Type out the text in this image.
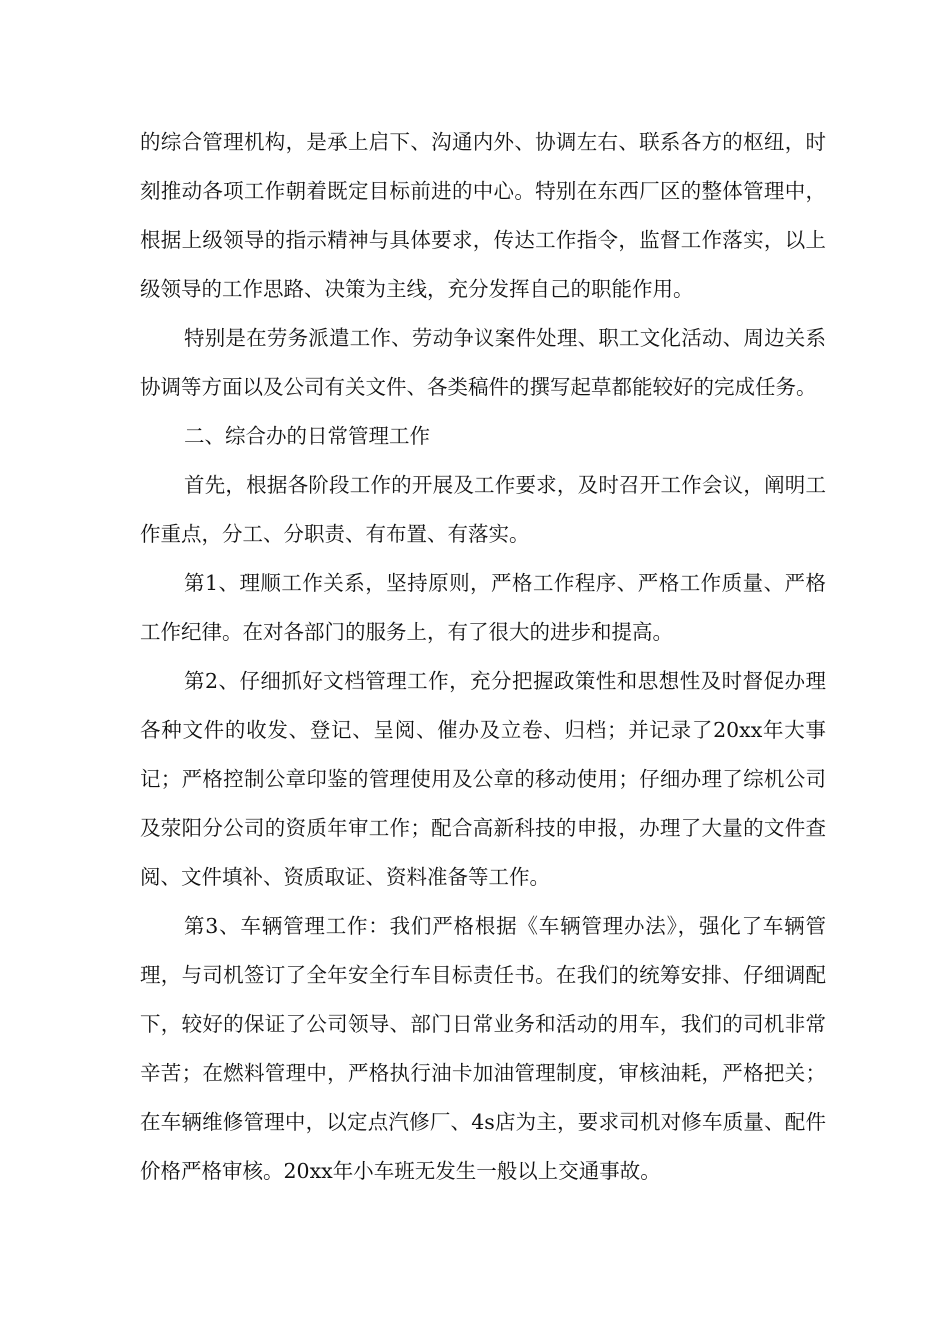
的综合管理机构，是承上启下、沟通内外、协调左右、联系各方的枢纽，时刻推动各项工作朝着既定目标前进的中心。特别在东西厂区的整体管理中，根据上级领导的指示精神与具体要求，传达工作指令，监督工作落实，以上级领导的工作思路、决策为主线，充分发挥自己的职能作用。

特别是在劳务派遣工作、劳动争议案件处理、职工文化活动、周边关系协调等方面以及公司有关文件、各类稿件的撰写起草都能较好的完成任务。

二、综合办的日常管理工作

首先，根据各阶段工作的开展及工作要求，及时召开工作会议，阐明工作重点，分工、分职责、有布置、有落实。

第1、理顺工作关系，坚持原则，严格工作程序、严格工作质量、严格工作纪律。在对各部门的服务上，有了很大的进步和提高。

第2、仔细抓好文档管理工作，充分把握政策性和思想性及时督促办理各种文件的收发、登记、呈阅、催办及立卷、归档；并记录了20xx年大事记；严格控制公章印鉴的管理使用及公章的移动使用；仔细办理了综机公司及荥阳分公司的资质年审工作；配合高新科技的申报，办理了大量的文件查阅、文件填补、资质取证、资料准备等工作。

第3、车辆管理工作：我们严格根据《车辆管理办法》，强化了车辆管理，与司机签订了全年安全行车目标责任书。在我们的统筹安排、仔细调配下，较好的保证了公司领导、部门日常业务和活动的用车，我们的司机非常辛苦；在燃料管理中，严格执行油卡加油管理制度，审核油耗，严格把关；在车辆维修管理中，以定点汽修厂、4s店为主，要求司机对修车质量、配件价格严格审核。20xx年小车班无发生一般以上交通事故。
